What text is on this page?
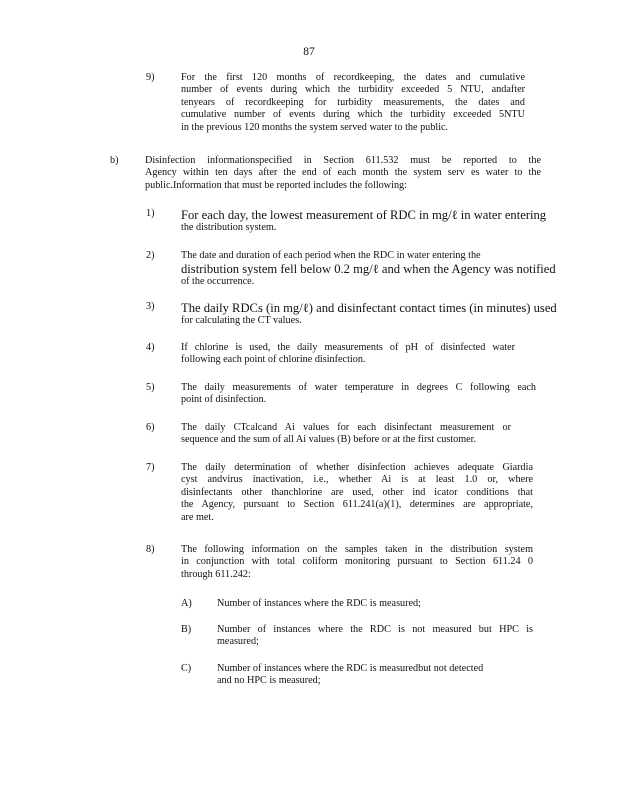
87
9)	For the first 120 months of recordkeeping, the dates and cumulative
number of events during which the turbidity exceeded 5 NTU, andafter
tenyears of recordkeeping for turbidity measurements, the dates and
cumulative number of events during which the turbidity exceeded 5NTU
in the previous 120 months the system served water to the public.
b)	Disinfection informationspecified in Section 611.532 must be reported to the
Agency within ten days after the end of each month the system serv es water to the
public.Information that must be reported includes the following:
1) For each day, the lowest measurement of RDC in mg/ℓ in water entering
the distribution system.
2)	The date and duration of each period when the RDC in water entering the
distribution system fell below 0.2 mg/ℓ and when the Agency was notified
of the occurrence.
3) The daily RDCs (in mg/ℓ) and disinfectant contact times (in minutes) used
for calculating the CT values.
4)	If chlorine is used, the daily measurements of pH of disinfected water
following each point of chlorine disinfection.
5)	The daily measurements of water temperature in degrees C following each
point of disinfection.
6)	The daily CTcalcand Ai values for each disinfectant measurement or
sequence and the sum of all Ai values (B) before or at the first customer.
7)	The daily determination of whether disinfection achieves adequate Giardia
cyst andvirus inactivation, i.e., whether Ai is at least 1.0 or, where
disinfectants other thanchlorine are used, other ind icator conditions that
the Agency, pursuant to Section 611.241(a)(1), determines are appropriate,
are met.
8)	The following information on the samples taken in the distribution system
in conjunction with total coliform monitoring pursuant to Section 611.24 0
through 611.242:
A) Number of instances where the RDC is measured;
B)	Number of instances where the RDC is not measured but HPC is
measured;
C)	Number of instances where the RDC is measuredbut not detected
and no HPC is measured;
